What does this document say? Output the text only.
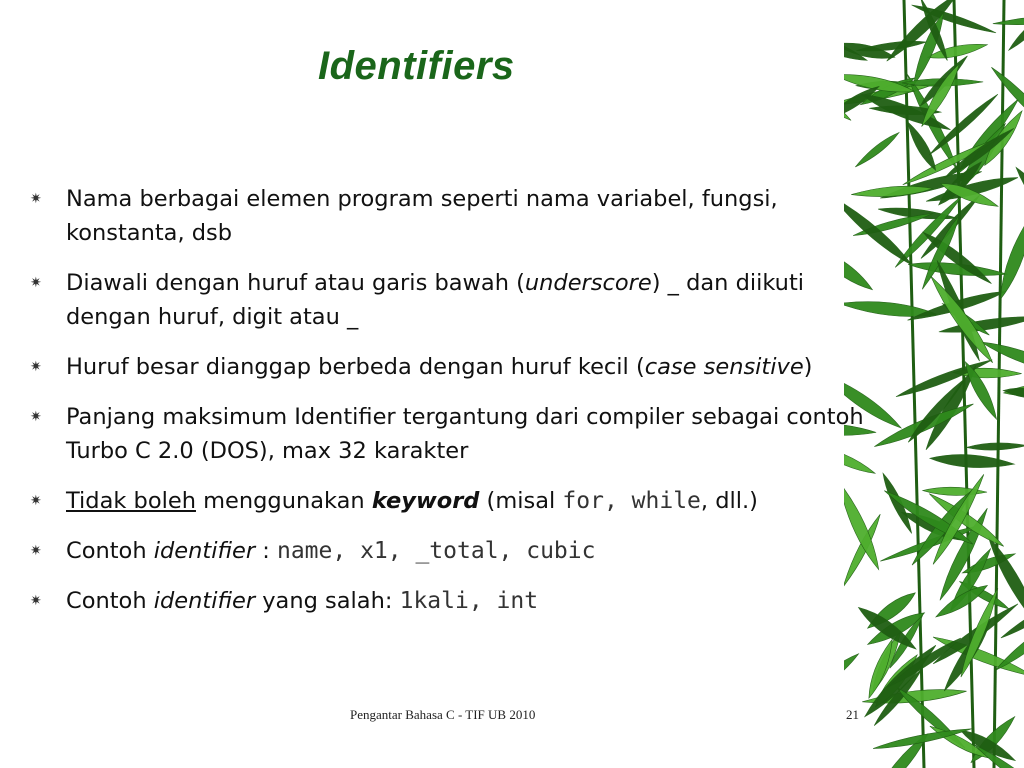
Identifiers
✷ Nama berbagai elemen program seperti nama variabel, fungsi, konstanta, dsb
✷ Diawali dengan huruf atau garis bawah (underscore) _ dan diikuti dengan huruf, digit atau _
✷ Huruf besar dianggap berbeda dengan huruf kecil (case sensitive)
✷ Panjang maksimum Identifier tergantung dari compiler sebagai contoh Turbo C 2.0 (DOS), max 32 karakter
✷ Tidak boleh menggunakan keyword (misal for, while, dll.)
✷ Contoh identifier : name, x1, _total, cubic
✷ Contoh identifier yang salah: 1kali, int
Pengantar Bahasa C - TIF UB 2010	21
